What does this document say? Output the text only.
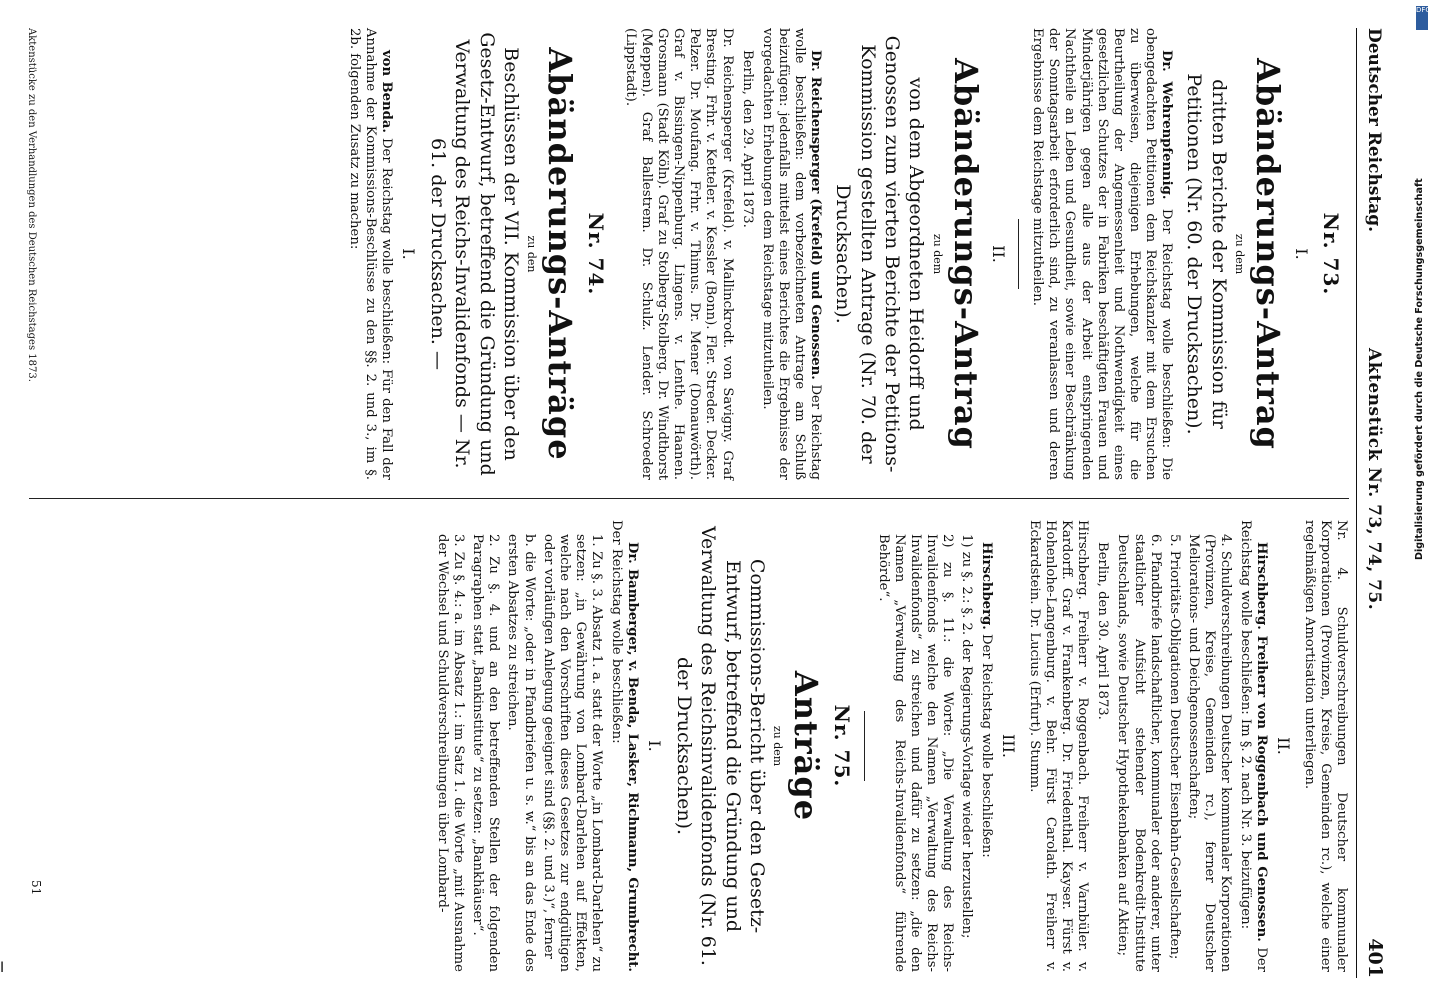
Deutscher Reichstag.
Aktenstück Nr. 73, 74, 75.
401
Nr. 73.
I.
Abänderungs-Antrag
zu dem
dritten Berichte der Kommission für Petitionen (Nr. 60. der Drucksachen).

Dr. Wehrenpfennig. Der Reichstag wolle beschließen: Die obengedachten Petitionen dem Reichskanzler mit dem Ersuchen zu überweisen, diejenigen Erhebungen, welche für die Beurtheilung der Angemessenheit und Nothwendigkeit eines gesetzlichen Schutzes der in Fabriken beschäftigten Frauen und Minderjährigen gegen alle aus der Arbeit entspringenden Nachtheile an Leben und Gesundheit, sowie einer Beschränkung der Sonntagsarbeit erforderlich sind, zu veranlassen und deren Ergebnisse dem Reichstage mitzutheilen.

II.
Abänderungs-Antrag
zu dem
von dem Abgeordneten Heidorff und Genossen zum vierten Berichte der Petitions-Kommission gestellten Antrage (Nr. 70. der Drucksachen).

Dr. Reichensperger (Krefeld) und Genossen. Der Reichstag wolle beschließen: dem vorbezeichneten Antrage am Schluß beizufügen: jedenfalls mittelst eines Berichtes die Ergebnisse der vorgedachten Erhebungen dem Reichstage mitzutheilen.

Berlin, den 29. April 1873.

Dr. Reichensperger (Krefeld). v. Mallinckrodt. von Savigny. Graf Bresting. Frhr. v. Ketteler. v. Kessler (Bonn). Fler. Streder. Decker. Pelzer. Dr. Moufang. Frhr. v. Thimus. Dr. Mener (Donauwörth). Graf v. Bissingen-Nippenburg. Lingens. v. Lenthe. Haanen. Grosmann (Stadt Köln). Graf zu Stolberg-Stolberg. Dr. Windthorst (Meppen). Graf Ballestrem. Dr. Schulz. Lender. Schroeder (Lippstadt).

Nr. 74.
Abänderungs-Anträge
zu den
Beschlüssen der VII. Kommission über den Gesetz-Entwurf, betreffend die Gründung und Verwaltung des Reichs-Invalidenfonds — Nr. 61. der Drucksachen. —
I.

von Benda. Der Reichstag wolle beschließen: Für den Fall der Annahme der Kommissions-Beschlüsse zu den §§. 2. und 3., im §. 2b. folgenden Zusatz zu machen:

Nr. 4. Schuldverschreibungen Deutscher kommunaler Korporationen (Provinzen, Kreise, Gemeinden rc.), welche einer regelmäßigen Amortisation unterliegen.

II.

Hirschberg. Freiherr von Roggenbach und Genossen. Der Reichstag wolle beschließen: Im §. 2. nach Nr. 3. beizufügen:

4. Schuldverschreibungen Deutscher kommunaler Korporationen (Provinzen, Kreise, Gemeinden rc.), ferner Deutscher Meliorations- und Deichgenossenschaften;

5. Prioritäts-Obligationen Deutscher Eisenbahn-Gesellschaften;

6. Pfandbriefe landschaftlicher, kommunaler oder anderer, unter staatlicher Aufsicht stehender Bodenkredit-Institute Deutschlands, sowie Deutscher Hypothekenbanken auf Aktien;

Berlin, den 30. April 1873.

Hirschberg. Freiherr v. Roggenbach. Freiherr v. Varnbüler. v. Kardorff. Graf v. Frankenberg. Dr. Friedenthal. Kayser. Fürst v. Hohenlohe-Langenburg. v. Behr. Fürst Carolath. Freiherr v. Eckardstein. Dr. Lucius (Erfurt). Stumm.

III.

Hirschberg. Der Reichstag wolle beschließen:

1) zu §. 2.: §. 2. der Regierungs-Vorlage wieder herzustellen;

2) zu §. 11.: die Worte: „Die Verwaltung des Reichs-Invalidenfonds welche den Namen „Verwaltung des Reichs-Invalidenfonds“ zu streichen und dafür zu setzen: „die den Namen „Verwaltung des Reichs-Invalidenfonds“ führende Behörde“.

Nr. 75.
Anträge
zu dem
Commissions-Bericht über den Gesetz-Entwurf, betreffend die Gründung und Verwaltung des Reichsinvalidenfonds (Nr. 61. der Drucksachen).
I.

Dr. Bamberger, v. Benda, Lasker, Richmann, Grumbrecht. Der Reichstag wolle beschließen:

1. Zu §. 3. Absatz 1. a. statt der Worte „in Lombard-Darlehen“ zu setzen: „in Gewährung von Lombard-Darlehen auf Effekten, welche nach den Vorschriften dieses Gesetzes zur endgültigen oder vorläufigen Anlegung geeignet sind (§§. 2. und 3.)“, ferner

b. die Worte: „oder in Pfandbriefen u. s. w.“ bis an das Ende des ersten Absatzes zu streichen.

2. Zu §. 4. und an den betreffenden Stellen der folgenden Paragraphen statt „Bankinstitute“ zu setzen: „Bankhäuser“.

3. Zu §. 4.: a. im Absatz 1.: im Satz 1. die Worte „mit Ausnahme der Wechsel und Schuldverschreibungen über Lombard-

Aktenstücke zu den Verhandlungen des Deutschen Reichstages 1873.
51
DFG
Digitalisierung gefördert durch die Deutsche Forschungsgemeinschaft
I
